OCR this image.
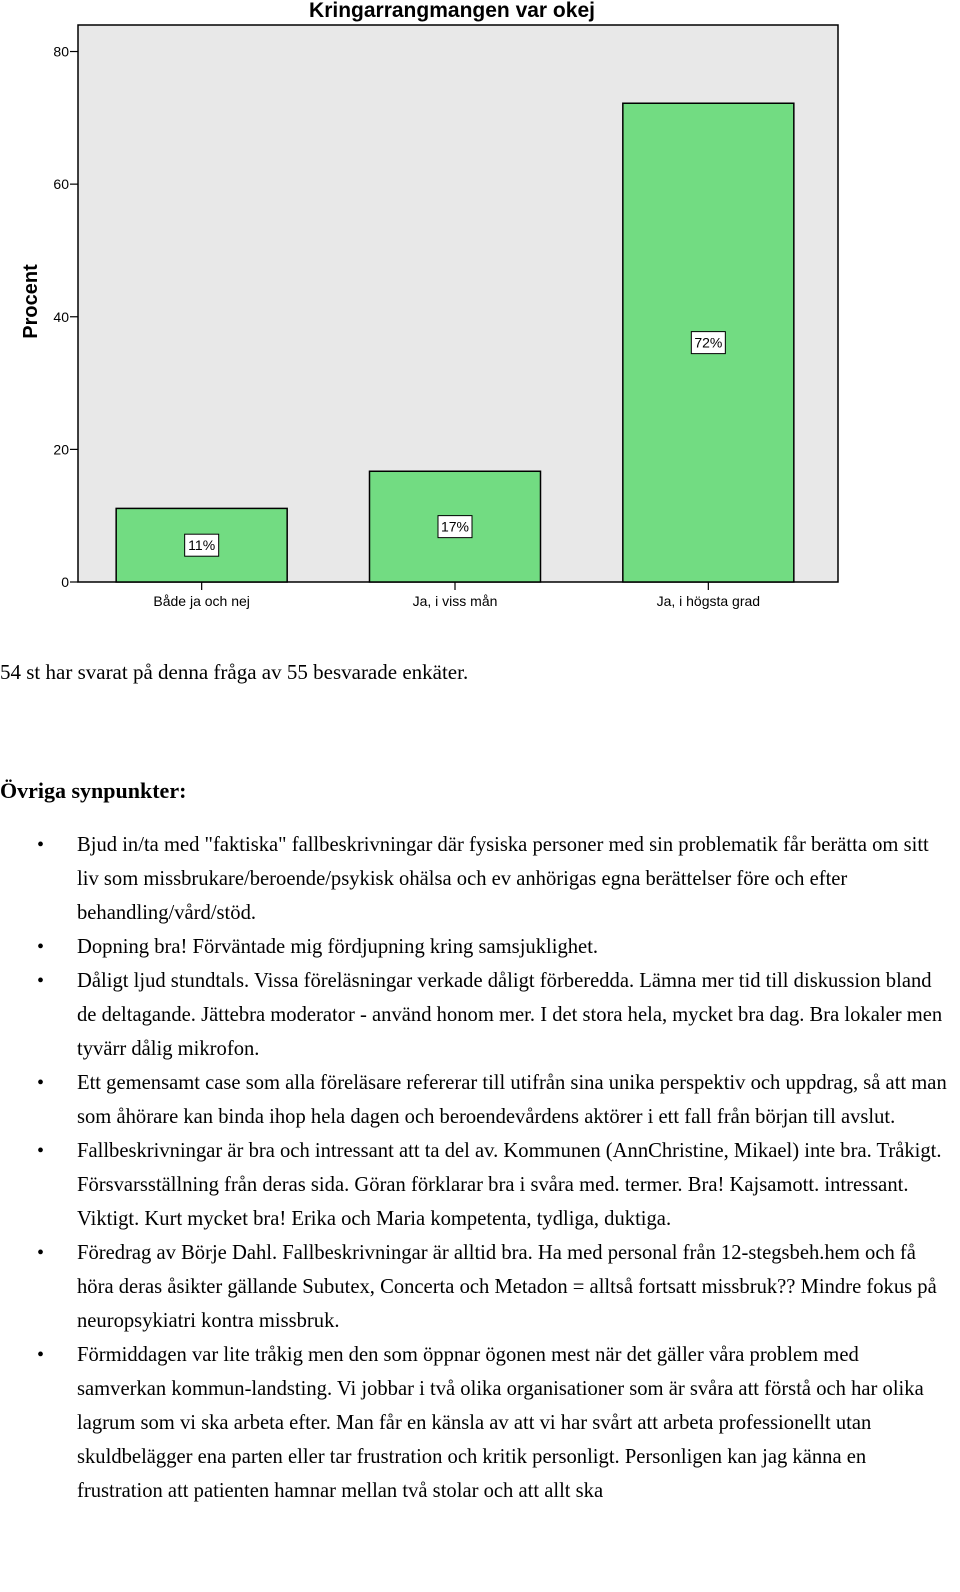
Kringarrangmangen var okej
Procent
0
20
40
60
80
Både ja och nej
11%
Ja, i viss mån
17%
Ja, i högsta grad
72%
54 st har svarat på denna fråga av 55 besvarade enkäter.
Övriga synpunkter:
• Bjud in/ta med "faktiska" fallbeskrivningar där fysiska personer med sin problematik får berätta om sitt liv som missbrukare/beroende/psykisk ohälsa och ev anhörigas egna berättelser före och efter behandling/vård/stöd.
• Dopning bra! Förväntade mig fördjupning kring samsjuklighet.
• Dåligt ljud stundtals. Vissa föreläsningar verkade dåligt förberedda. Lämna mer tid till diskussion bland de deltagande. Jättebra moderator - använd honom mer. I det stora hela, mycket bra dag. Bra lokaler men tyvärr dålig mikrofon.
• Ett gemensamt case som alla föreläsare refererar till utifrån sina unika perspektiv och uppdrag, så att man som åhörare kan binda ihop hela dagen och beroendevårdens aktörer i ett fall från början till avslut.
• Fallbeskrivningar är bra och intressant att ta del av. Kommunen (AnnChristine, Mikael) inte bra. Tråkigt. Försvarsställning från deras sida. Göran förklarar bra i svåra med. termer. Bra! Kajsamott. intressant. Viktigt. Kurt mycket bra! Erika och Maria kompetenta, tydliga, duktiga.
• Föredrag av Börje Dahl. Fallbeskrivningar är alltid bra. Ha med personal från 12-stegsbeh.hem och få höra deras åsikter gällande Subutex, Concerta och Metadon = alltså fortsatt missbruk?? Mindre fokus på neuropsykiatri kontra missbruk.
• Förmiddagen var lite tråkig men den som öppnar ögonen mest när det gäller våra problem med samverkan kommun-landsting. Vi jobbar i två olika organisationer som är svåra att förstå och har olika lagrum som vi ska arbeta efter. Man får en känsla av att vi har svårt att arbeta professionellt utan skuldbelägger ena parten eller tar frustration och kritik personligt. Personligen kan jag känna en frustration att patienten hamnar mellan två stolar och att allt ska
